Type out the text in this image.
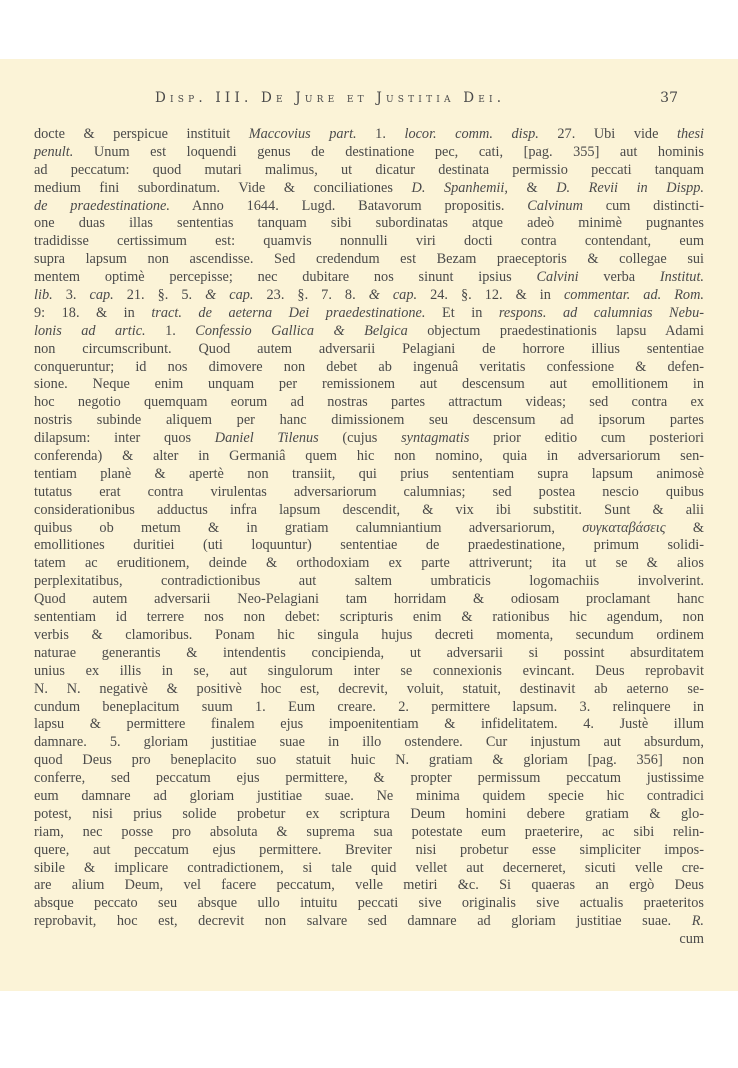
Disp. III. De Jure et Justitia Dei.	37
docte & perspicue instituit Maccovius part. 1. locor. comm. disp. 27. Ubi vide thesi
penult. Unum est loquendi genus de destinatione pec, cati, [pag. 355] aut hominis
ad peccatum: quod mutari malimus, ut dicatur destinata permissio peccati tanquam
medium fini subordinatum. Vide & conciliationes D. Spanhemii, & D. Revii in Dispp.
de praedestinatione. Anno 1644. Lugd. Batavorum propositis. Calvinum cum distincti-
one duas illas sententias tanquam sibi subordinatas atque adeò minimè pugnantes
tradidisse certissimum est: quamvis nonnulli viri docti contra contendant, eum
supra lapsum non ascendisse. Sed credendum est Bezam praeceptoris & collegae sui
mentem optimè percepisse; nec dubitare nos sinunt ipsius Calvini verba Institut.
lib. 3. cap. 21. §. 5. & cap. 23. §. 7. 8. & cap. 24. §. 12. & in commentar. ad. Rom.
9: 18. & in tract. de aeterna Dei praedestinatione. Et in respons. ad calumnias Nebu-
lonis ad artic. 1. Confessio Gallica & Belgica objectum praedestinationis lapsu Adami
non circumscribunt. Quod autem adversarii Pelagiani de horrore illius sententiae
conqueruntur; id nos dimovere non debet ab ingenuâ veritatis confessione & defen-
sione. Neque enim unquam per remissionem aut descensum aut emollitionem in
hoc negotio quemquam eorum ad nostras partes attractum videas; sed contra ex
nostris subinde aliquem per hanc dimissionem seu descensum ad ipsorum partes
dilapsum: inter quos Daniel Tilenus (cujus syntagmatis prior editio cum posteriori
conferenda) & alter in Germaniâ quem hic non nomino, quia in adversariorum sen-
tentiam planè & apertè non transiit, qui prius sententiam supra lapsum animosè
tutatus erat contra virulentas adversariorum calumnias; sed postea nescio quibus
considerationibus adductus infra lapsum descendit, & vix ibi substitit. Sunt & alii
quibus ob metum & in gratiam calumniantium adversariorum, συγκαταβάσεις &
emollitiones duritiei (uti loquuntur) sententiae de praedestinatione, primum solidi-
tatem ac eruditionem, deinde & orthodoxiam ex parte attriverunt; ita ut se & alios
perplexitatibus, contradictionibus aut saltem umbraticis logomachiis involverint.
Quod autem adversarii Neo-Pelagiani tam horridam & odiosam proclamant hanc
sententiam id terrere nos non debet: scripturis enim & rationibus hic agendum, non
verbis & clamoribus. Ponam hic singula hujus decreti momenta, secundum ordinem
naturae generantis & intendentis concipienda, ut adversarii si possint absurditatem
unius ex illis in se, aut singulorum inter se connexionis evincant. Deus reprobavit
N. N. negativè & positivè hoc est, decrevit, voluit, statuit, destinavit ab aeterno se-
cundum beneplacitum suum 1. Eum creare. 2. permittere lapsum. 3. relinquere in
lapsu & permittere finalem ejus impoenitentiam & infidelitatem. 4. Justè illum
damnare. 5. gloriam justitiae suae in illo ostendere. Cur injustum aut absurdum,
quod Deus pro beneplacito suo statuit huic N. gratiam & gloriam [pag. 356] non
conferre, sed peccatum ejus permittere, & propter permissum peccatum justissime
eum damnare ad gloriam justitiae suae. Ne minima quidem specie hic contradici
potest, nisi prius solide probetur ex scriptura Deum homini debere gratiam & glo-
riam, nec posse pro absoluta & suprema sua potestate eum praeterire, ac sibi relin-
quere, aut peccatum ejus permittere. Breviter nisi probetur esse simpliciter impos-
sibile & implicare contradictionem, si tale quid vellet aut decerneret, sicuti velle cre-
are alium Deum, vel facere peccatum, velle metiri &c. Si quaeras an ergò Deus
absque peccato seu absque ullo intuitu peccati sive originalis sive actualis praeteritos
reprobavit, hoc est, decrevit non salvare sed damnare ad gloriam justitiae suae. R.
cum
